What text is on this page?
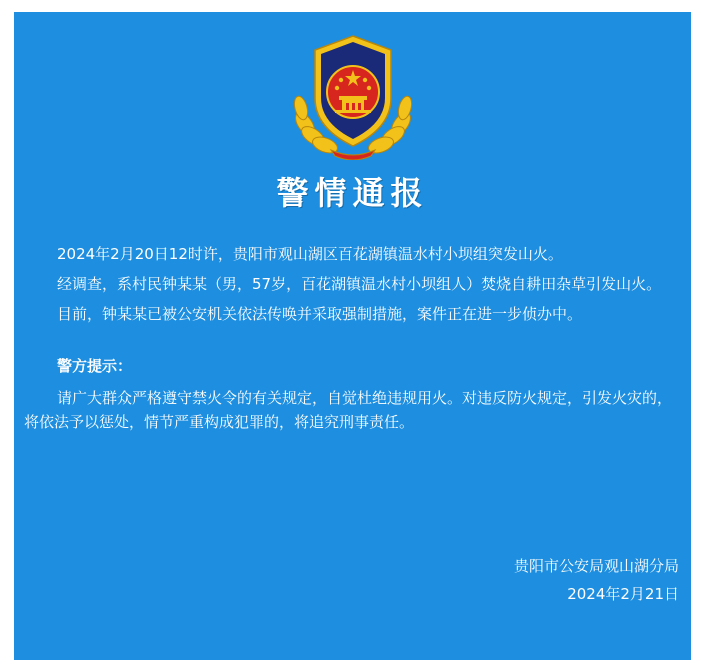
警情通报

2024年2月20日12时许，贵阳市观山湖区百花湖镇温水村小坝组突发山火。

经调查，系村民钟某某（男，57岁，百花湖镇温水村小坝组人）焚烧自耕田杂草引发山火。

目前，钟某某已被公安机关依法传唤并采取强制措施，案件正在进一步侦办中。

警方提示：

请广大群众严格遵守禁火令的有关规定，自觉杜绝违规用火。对违反防火规定，引发火灾的，将依法予以惩处，情节严重构成犯罪的，将追究刑事责任。

贵阳市公安局观山湖分局
2024年2月21日
